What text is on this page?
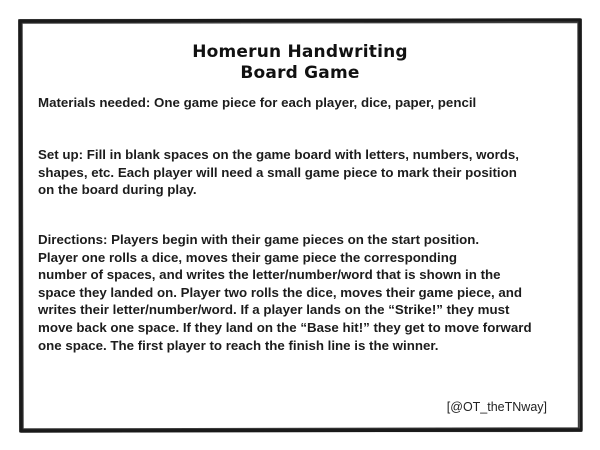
Homerun Handwriting
Board Game

Materials needed: One game piece for each player, dice, paper, pencil

Set up: Fill in blank spaces on the game board with letters, numbers, words,
shapes, etc. Each player will need a small game piece to mark their position
on the board during play.

Directions: Players begin with their game pieces on the start position.
Player one rolls a dice, moves their game piece the corresponding
number of spaces, and writes the letter/number/word that is shown in the
space they landed on. Player two rolls the dice, moves their game piece, and
writes their letter/number/word. If a player lands on the “Strike!” they must
move back one space. If they land on the “Base hit!” they get to move forward
one space. The first player to reach the finish line is the winner.

[@OT_theTNway]
